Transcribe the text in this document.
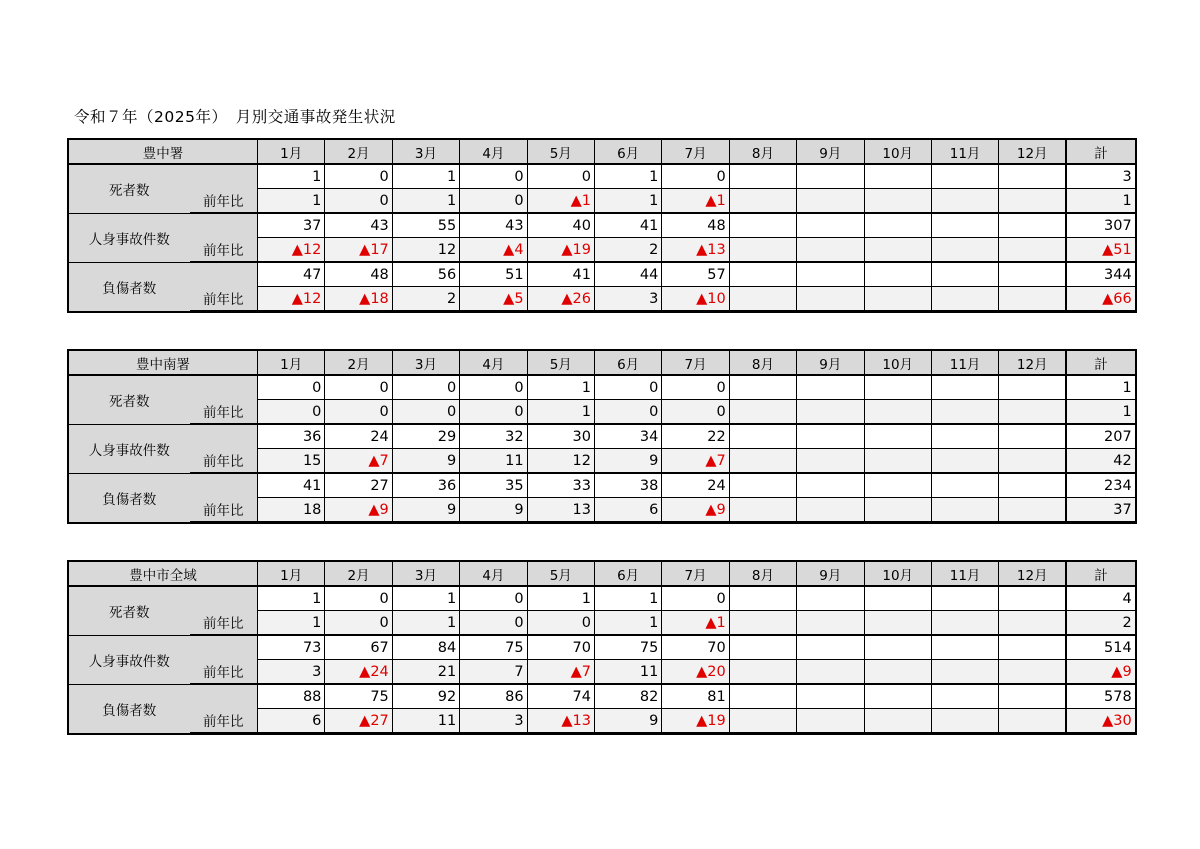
令和７年（2025年）　月別交通事故発生状況
豊中署		1月	2月	3月	4月	5月	6月	7月	8月	9月	10月	11月	12月	計
死者数		1	0	1	0	0	1	0						3
	前年比	1	0	1	0	▲1	1	▲1						1
人身事故件数		37	43	55	43	40	41	48						307
	前年比	▲12	▲17	12	▲4	▲19	2	▲13						▲51
負傷者数		47	48	56	51	41	44	57						344
	前年比	▲12	▲18	2	▲5	▲26	3	▲10						▲66
豊中南署		1月	2月	3月	4月	5月	6月	7月	8月	9月	10月	11月	12月	計
死者数		0	0	0	0	1	0	0						1
	前年比	0	0	0	0	1	0	0						1
人身事故件数		36	24	29	32	30	34	22						207
	前年比	15	▲7	9	11	12	9	▲7						42
負傷者数		41	27	36	35	33	38	24						234
	前年比	18	▲9	9	9	13	6	▲9						37
豊中市全域		1月	2月	3月	4月	5月	6月	7月	8月	9月	10月	11月	12月	計
死者数		1	0	1	0	1	1	0						4
	前年比	1	0	1	0	0	1	▲1						2
人身事故件数		73	67	84	75	70	75	70						514
	前年比	3	▲24	21	7	▲7	11	▲20						▲9
負傷者数		88	75	92	86	74	82	81						578
	前年比	6	▲27	11	3	▲13	9	▲19						▲30
